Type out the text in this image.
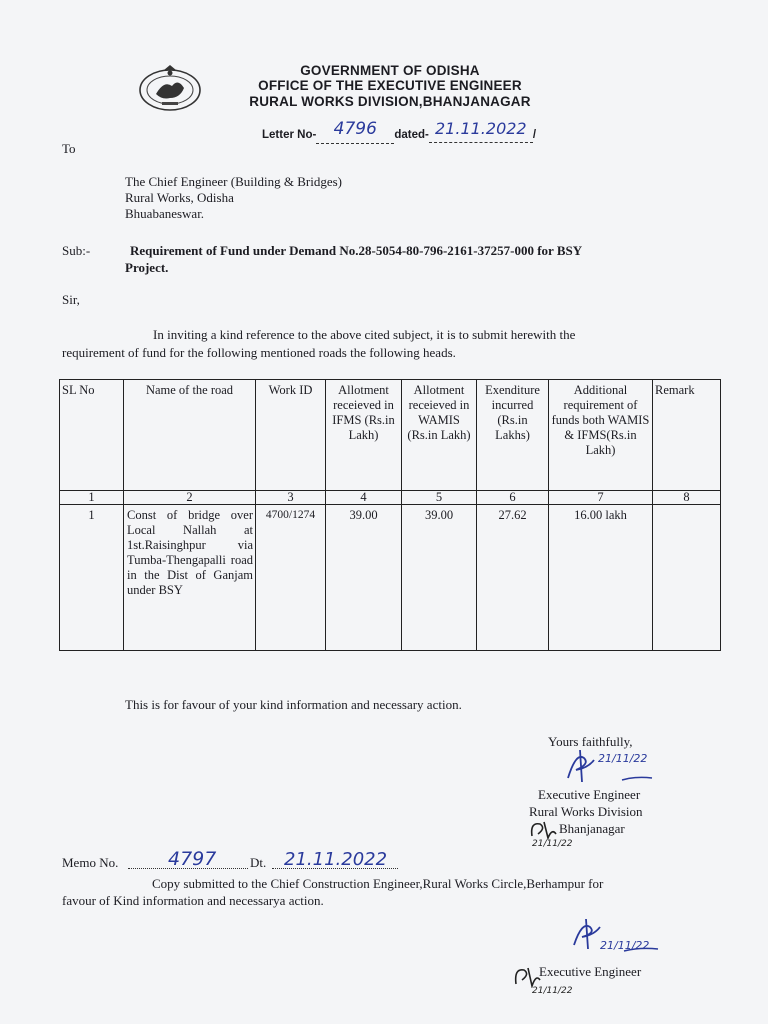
GOVERNMENT OF ODISHA
OFFICE OF THE EXECUTIVE ENGINEER
RURAL WORKS DIVISION,BHANJANAGAR
Letter No- 4796 dated- 21.11.2022 /
To
The Chief Engineer (Building & Bridges)
Rural Works, Odisha
Bhuabaneswar.
Sub:-	Requirement of Fund under Demand No.28-5054-80-796-2161-37257-000 for BSY
Project.
Sir,
In inviting a kind reference to the above cited subject, it is to submit herewith the
requirement of fund for the following mentioned roads the following heads.
SL No	Name of the road	Work ID	Allotment receieved in IFMS (Rs.in Lakh)	Allotment receieved in WAMIS (Rs.in Lakh)	Exenditure incurred (Rs.in Lakhs)	Additional requirement of funds both WAMIS & IFMS(Rs.in Lakh)	Remark
1	2	3	4	5	6	7	8
1	Const of bridge over Local Nallah at 1st.Raisinghpur via Tumba-Thengapalli road in the Dist of Ganjam under BSY	4700/1274	39.00	39.00	27.62	16.00 lakh	
This is for favour of your kind information and necessary action.
Yours faithfully,
21/11/22
Executive Engineer
Rural Works Division
Bhanjanagar
21/11/22
Memo No.	4797	Dt. 21.11.2022
Copy submitted to the Chief Construction Engineer,Rural Works Circle,Berhampur for
favour of Kind information and necessarya action.
21/11/22
Executive Engineer
21/11/22
